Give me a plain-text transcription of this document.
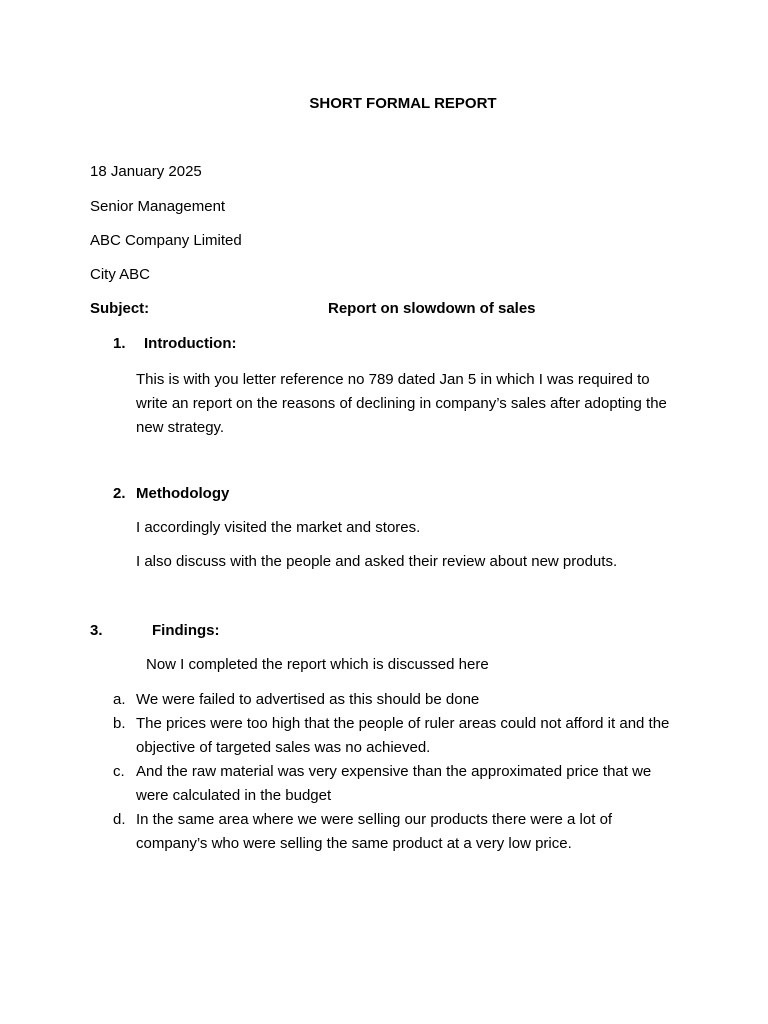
SHORT FORMAL REPORT
18 January 2025
Senior Management
ABC Company Limited
City ABC
Subject:	Report on slowdown of sales
1. Introduction:
This is with you letter reference no 789 dated Jan 5 in which I was required to write an report on the reasons of declining in company’s sales after adopting the new strategy.
2. Methodology
I accordingly visited the market and stores.
I also discuss with the people and asked their review about new produts.
3.	Findings:
Now I completed the report which is discussed here
a. We were failed to advertised as this should be done
b. The prices were too high that the people of ruler areas could not afford it and the objective of targeted sales was no achieved.
c. And the raw material was very expensive than the approximated price that we were calculated in the budget
d. In the same area where we were selling our products there were a lot of company’s who were selling the same product at a very low price.
